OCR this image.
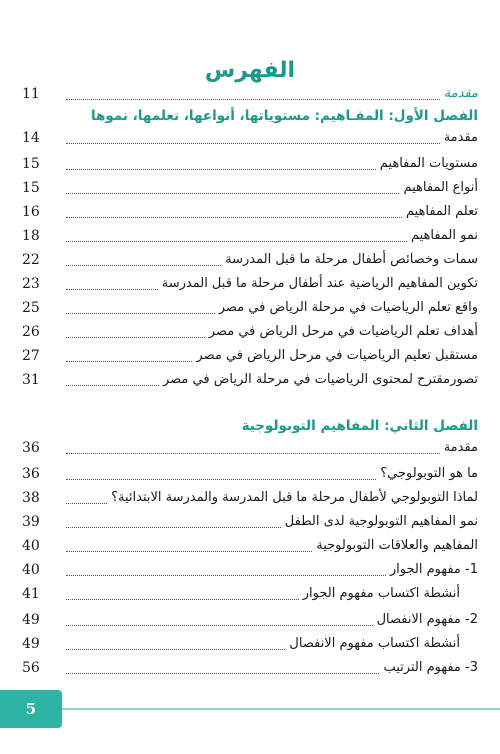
الفهرس
11	مقدمة
الفصل الأول: المفـاهيم: مستوياتها، أنواعها، تعلمها، نموها
14	مقدمة
15	مستويات المفاهيم
15	أنواع المفاهيم
16	تعلم المفاهيم
18	نمو المفاهيم
22	سمات وخصائص أطفال مرحلة ما قبل المدرسة
23	تكوين المفاهيم الرياضية عند أطفال مرحلة ما قبل المدرسة
25	واقع تعلم الرياضيات في مرحلة الرياض في مصر
26	أهداف تعلم الرياضيات في مرحل الرياض في مصر
27	مستقبل تعليم الرياضيات في مرحل الرياض في مصر
31	تصورمقترح لمحتوى الرياضيات في مرحلة الرياض في مصر
الفصل الثاني: المفاهيم التوبولوجية
36	مقدمة
36	ما هو التوبولوجي؟
38	لماذا التوبولوجي لأطفال مرحلة ما قبل المدرسة والمدرسة الابتدائية؟
39	نمو المفاهيم التوبولوجية لدى الطفل
40	المفاهيم والعلاقات التوبولوجية
40	1- مفهوم الجوار
41	أنشطة اكتساب مفهوم الجوار
49	2- مفهوم الانفصال
49	أنشطة اكتساب مفهوم الانفصال
56	3- مفهوم الترتيب
5
